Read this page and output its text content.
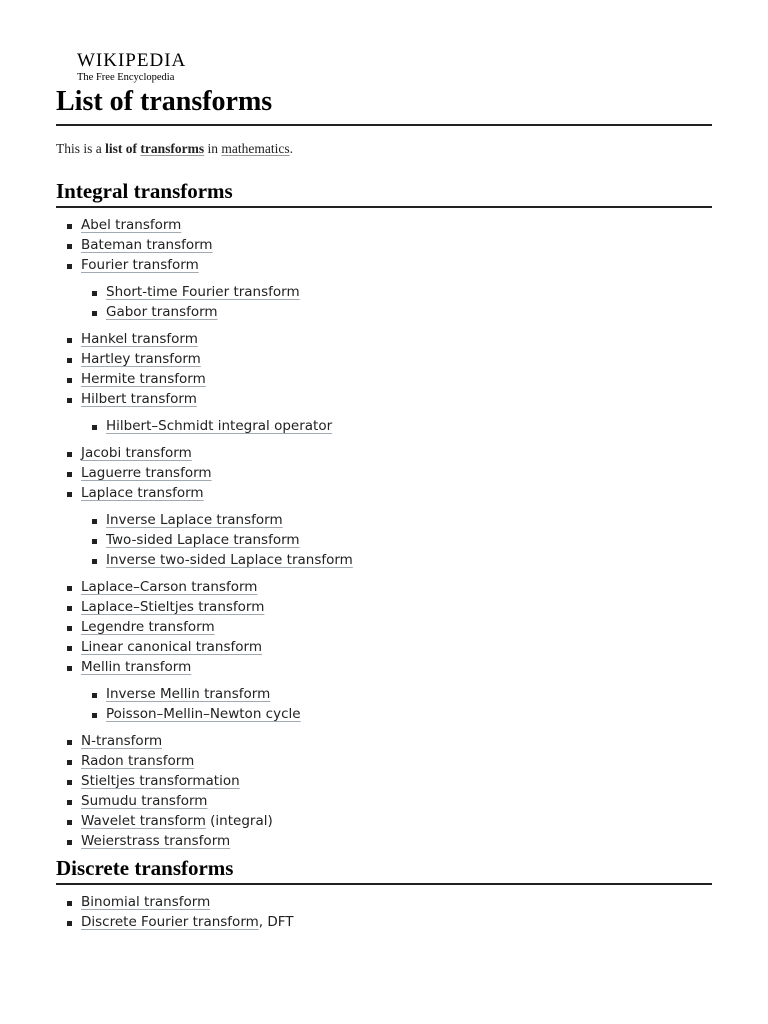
WIKIPEDIA
The Free Encyclopedia
List of transforms

This is a list of transforms in mathematics.

Integral transforms
Abel transform
Bateman transform
Fourier transform
Short-time Fourier transform
Gabor transform
Hankel transform
Hartley transform
Hermite transform
Hilbert transform
Hilbert–Schmidt integral operator
Jacobi transform
Laguerre transform
Laplace transform
Inverse Laplace transform
Two-sided Laplace transform
Inverse two-sided Laplace transform
Laplace–Carson transform
Laplace–Stieltjes transform
Legendre transform
Linear canonical transform
Mellin transform
Inverse Mellin transform
Poisson–Mellin–Newton cycle
N-transform
Radon transform
Stieltjes transformation
Sumudu transform
Wavelet transform (integral)
Weierstrass transform
Discrete transforms
Binomial transform
Discrete Fourier transform, DFT
